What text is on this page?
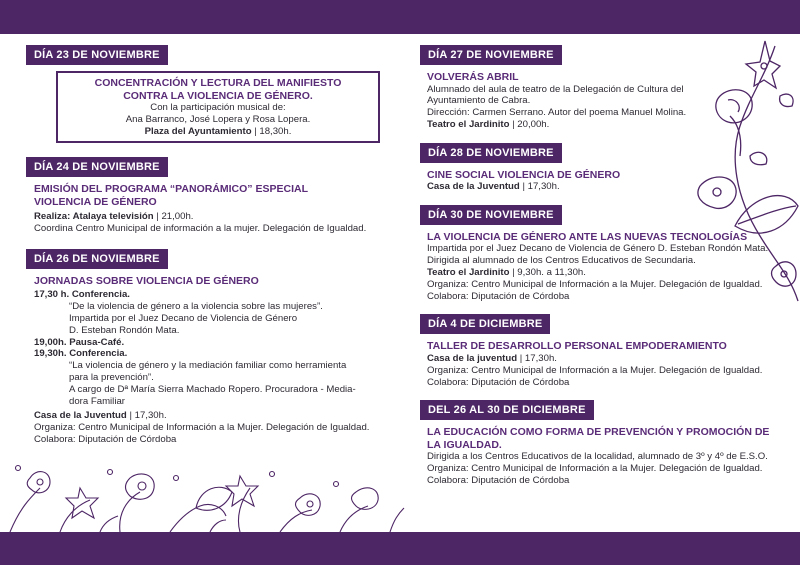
DÍA 23 DE NOVIEMBRE
CONCENTRACIÓN Y LECTURA DEL MANIFIESTO
CONTRA LA VIOLENCIA DE GÉNERO.
Con la participación musical de:
Ana Barranco, José Lopera y Rosa Lopera.
Plaza del Ayuntamiento | 18,30h.
DÍA 24 DE NOVIEMBRE
EMISIÓN DEL PROGRAMA “PANORÁMICO” ESPECIAL
VIOLENCIA DE GÉNERO
Realiza: Atalaya televisión | 21,00h.
Coordina Centro Municipal de información a la mujer. Delegación de Igualdad.
DÍA 26 DE NOVIEMBRE
JORNADAS SOBRE VIOLENCIA DE GÉNERO
17,30 h. Conferencia.
“De la violencia de género a la violencia sobre las mujeres”.
Impartida por el Juez Decano de Violencia de Género
D. Esteban Rondón Mata.
19,00h. Pausa-Café.
19,30h. Conferencia.
“La violencia de género y la mediación familiar como herramienta
para la prevención”.
A cargo de Dª María Sierra Machado Ropero. Procuradora - Media-
dora Familiar
Casa de la Juventud | 17,30h.
Organiza: Centro Municipal de Información a la Mujer. Delegación de Igualdad.
Colabora: Diputación de Córdoba
DÍA 27 DE NOVIEMBRE
VOLVERÁS ABRIL
Alumnado del aula de teatro de la Delegación de Cultura del
Ayuntamiento de Cabra.
Dirección: Carmen Serrano. Autor del poema Manuel Molina.
Teatro el Jardinito | 20,00h.
DÍA 28 DE NOVIEMBRE
CINE SOCIAL VIOLENCIA DE GÉNERO
Casa de la Juventud | 17,30h.
DÍA 30 DE NOVIEMBRE
LA VIOLENCIA DE GÉNERO ANTE LAS NUEVAS TECNOLOGÍAS
Impartida por el Juez Decano de Violencia de Género D. Esteban Rondón Mata.
Dirigida al alumnado de los Centros Educativos de Secundaria.
Teatro el Jardinito | 9,30h. a 11,30h.
Organiza: Centro Municipal de Información a la Mujer. Delegación de Igualdad.
Colabora: Diputación de Córdoba
DÍA 4 DE DICIEMBRE
TALLER DE DESARROLLO PERSONAL EMPODERAMIENTO
Casa de la juventud | 17,30h.
Organiza: Centro Municipal de Información a la Mujer. Delegación de Igualdad.
Colabora: Diputación de Córdoba
DEL 26 AL 30 DE DICIEMBRE
LA EDUCACIÓN COMO FORMA DE PREVENCIÓN Y PROMOCIÓN DE
LA IGUALDAD.
Dirigida a los Centros Educativos de la localidad, alumnado de 3º y 4º de E.S.O.
Organiza: Centro Municipal de Información a la Mujer. Delegación de Igualdad.
Colabora: Diputación de Córdoba
